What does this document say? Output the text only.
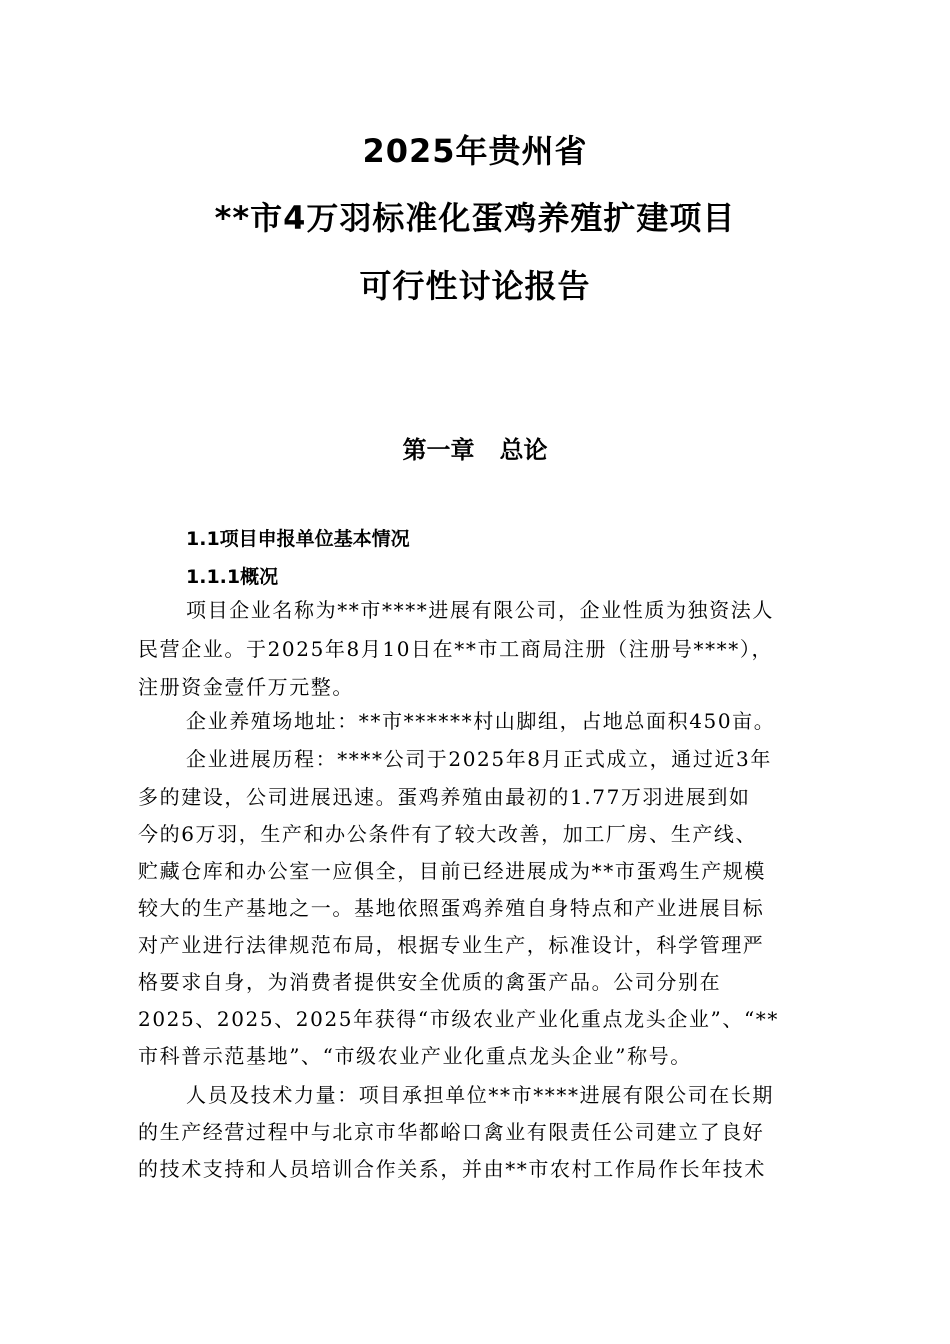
2025年贵州省
**市4万羽标准化蛋鸡养殖扩建项目
可行性讨论报告
第一章   总论
1.1项目申报单位基本情况
1.1.1概况
项目企业名称为**市****进展有限公司，企业性质为独资法人
民营企业。于2025年8月10日在**市工商局注册（注册号****），
注册资金壹仟万元整。
企业养殖场地址：**市******村山脚组，占地总面积450亩。
企业进展历程：****公司于2025年8月正式成立，通过近3年
多的建设，公司进展迅速。蛋鸡养殖由最初的1.77万羽进展到如
今的6万羽，生产和办公条件有了较大改善，加工厂房、生产线、
贮藏仓库和办公室一应俱全，目前已经进展成为**市蛋鸡生产规模
较大的生产基地之一。基地依照蛋鸡养殖自身特点和产业进展目标
对产业进行法律规范布局，根据专业生产，标准设计，科学管理严
格要求自身，为消费者提供安全优质的禽蛋产品。公司分别在
2025、2025、2025年获得“市级农业产业化重点龙头企业”、“**
市科普示范基地”、“市级农业产业化重点龙头企业”称号。
人员及技术力量：项目承担单位**市****进展有限公司在长期
的生产经营过程中与北京市华都峪口禽业有限责任公司建立了良好
的技术支持和人员培训合作关系，并由**市农村工作局作长年技术
